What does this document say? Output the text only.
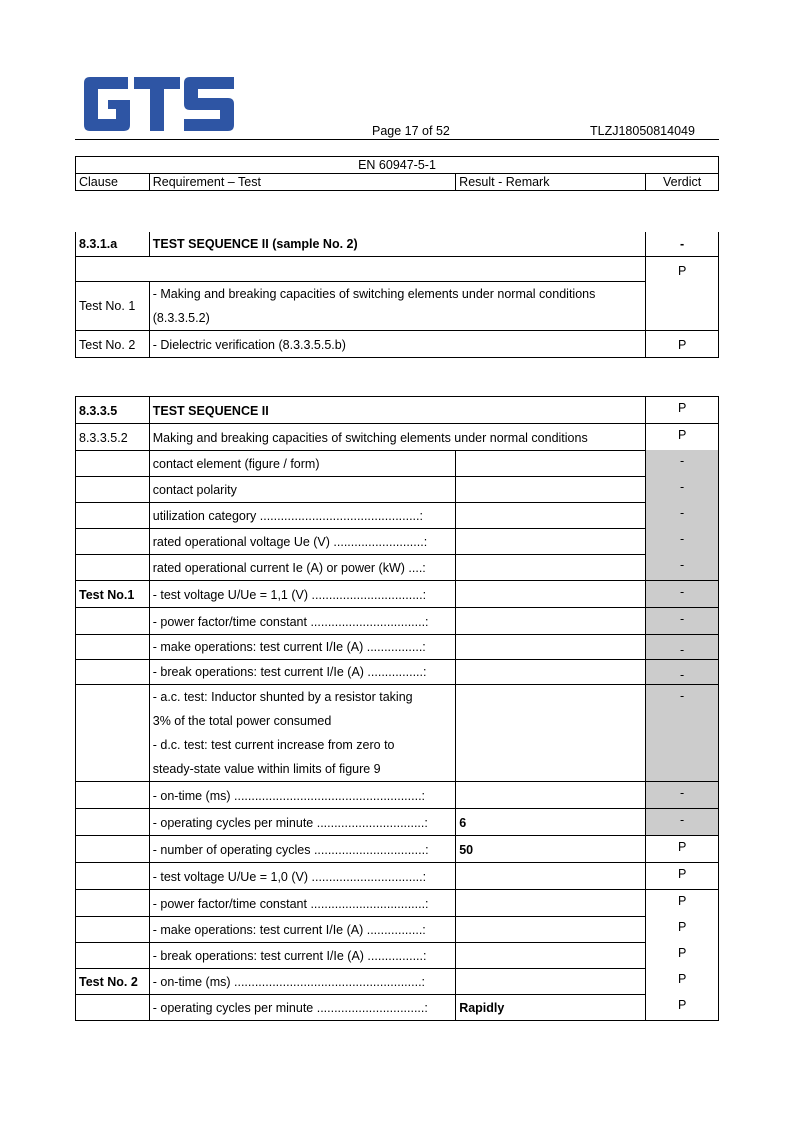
Page 17 of 52	TLZJ18050814049
EN 60947-5-1
Clause	Requirement – Test	Result - Remark	Verdict
8.3.1.a	TEST SEQUENCE II (sample No. 2)	-
		P
Test No. 1	- Making and breaking capacities of switching elements under normal conditions (8.3.3.5.2)	
Test No. 2	- Dielectric verification (8.3.3.5.5.b)	P
8.3.3.5	TEST SEQUENCE II		P
8.3.3.5.2	Making and breaking capacities of switching elements under normal conditions		P
	contact element (figure / form)		-
	contact polarity		-
	utilization category ..............................................:		-
	rated operational voltage Ue (V) ..........................:		-
	rated operational current Ie (A) or power (kW) ....:		-
Test No.1	- test voltage U/Ue = 1,1 (V) ................................:		-
	- power factor/time constant .................................:		-
	- make operations: test current I/Ie (A) ................:		-
	- break operations: test current I/Ie (A) ................:		-

	- a.c. test: Inductor shunted by a resistor taking
3% of the total power consumed
- d.c. test: test current increase from zero to
steady-state value within limits of figure 9		-
	- on-time (ms) ......................................................:		-
	- operating cycles per minute ...............................:	6	-
	- number of operating cycles ................................:	50	P
	- test voltage U/Ue = 1,0 (V) ................................:		P
	- power factor/time constant .................................:		P
	- make operations: test current I/Ie (A) ................:		P
	- break operations: test current I/Ie (A) ................:		P
Test No. 2	- on-time (ms) ......................................................:		P
	- operating cycles per minute ...............................:	Rapidly	P
